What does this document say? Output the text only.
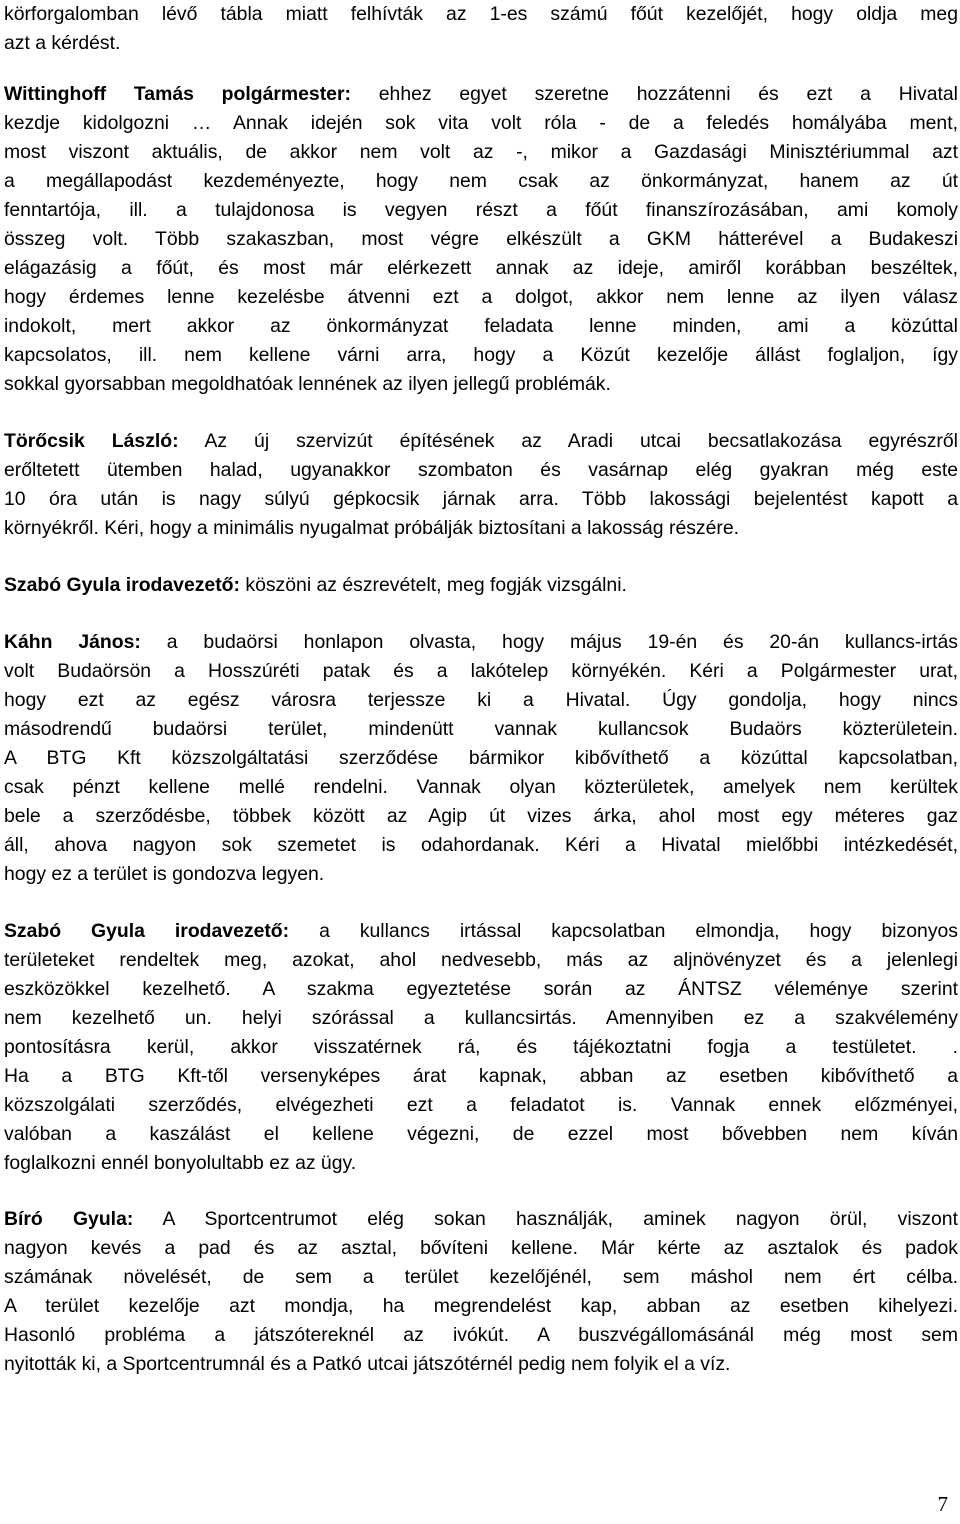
körforgalomban lévő tábla miatt felhívták az 1-es számú főút kezelőjét, hogy oldja meg

azt a kérdést.

Wittinghoff Tamás polgármester: ehhez egyet szeretne hozzátenni és ezt a Hivatal

kezdje kidolgozni … Annak idején sok vita volt róla - de a feledés homályába ment,

most viszont aktuális, de akkor nem volt az -, mikor a Gazdasági Minisztériummal azt

a megállapodást kezdeményezte, hogy nem csak az önkormányzat, hanem az út

fenntartója, ill. a tulajdonosa is vegyen részt a főút finanszírozásában, ami komoly

összeg volt. Több szakaszban, most végre elkészült a GKM hátterével a Budakeszi

elágazásig a főút, és most már elérkezett annak az ideje, amiről korábban beszéltek,

hogy érdemes lenne kezelésbe átvenni ezt a dolgot, akkor nem lenne az ilyen válasz

indokolt, mert akkor az önkormányzat feladata lenne minden, ami a közúttal

kapcsolatos, ill. nem kellene várni arra, hogy a Közút kezelője állást foglaljon, így

sokkal gyorsabban megoldhatóak lennének az ilyen jellegű problémák.

Törőcsik László: Az új szervizút építésének az Aradi utcai becsatlakozása egyrészről

erőltetett ütemben halad, ugyanakkor szombaton és vasárnap elég gyakran még este

10 óra után is nagy súlyú gépkocsik járnak arra. Több lakossági bejelentést kapott a

környékről. Kéri, hogy a minimális nyugalmat próbálják biztosítani a lakosság részére.

Szabó Gyula irodavezető: köszöni az észrevételt, meg fogják vizsgálni.

Káhn János: a budaörsi honlapon olvasta, hogy május 19-én és 20-án kullancs-irtás

volt Budaörsön a Hosszúréti patak és a lakótelep környékén. Kéri a Polgármester urat,

hogy ezt az egész városra terjessze ki a Hivatal. Úgy gondolja, hogy nincs

másodrendű budaörsi terület, mindenütt vannak kullancsok Budaörs közterületein.

A BTG Kft közszolgáltatási szerződése bármikor kibővíthető a közúttal kapcsolatban,

csak pénzt kellene mellé rendelni. Vannak olyan közterületek, amelyek nem kerültek

bele a szerződésbe, többek között az Agip út vizes árka, ahol most egy méteres gaz

áll, ahova nagyon sok szemetet is odahordanak. Kéri a Hivatal mielőbbi intézkedését,

hogy ez a terület is gondozva legyen.

Szabó Gyula irodavezető: a kullancs irtással kapcsolatban elmondja, hogy bizonyos

területeket rendeltek meg, azokat, ahol nedvesebb, más az aljnövényzet és a jelenlegi

eszközökkel kezelhető. A szakma egyeztetése során az ÁNTSZ véleménye szerint

nem kezelhető un. helyi szórással a kullancsirtás. Amennyiben ez a szakvélemény

pontosításra kerül, akkor visszatérnek rá, és tájékoztatni fogja a testületet. .

Ha a BTG Kft-től versenyképes árat kapnak, abban az esetben kibővíthető a

közszolgálati szerződés, elvégezheti ezt a feladatot is. Vannak ennek előzményei,

valóban a kaszálást el kellene végezni, de ezzel most bővebben nem kíván

foglalkozni ennél bonyolultabb ez az ügy.

Bíró Gyula: A Sportcentrumot elég sokan használják, aminek nagyon örül, viszont

nagyon kevés a pad és az asztal, bővíteni kellene. Már kérte az asztalok és padok

számának növelését, de sem a terület kezelőjénél, sem máshol nem ért célba.

A terület kezelője azt mondja, ha megrendelést kap, abban az esetben kihelyezi.

Hasonló probléma a játszótereknél az ivókút. A buszvégállomásánál még most sem

nyitották ki, a Sportcentrumnál és a Patkó utcai játszótérnél pedig nem folyik el a víz.

7
